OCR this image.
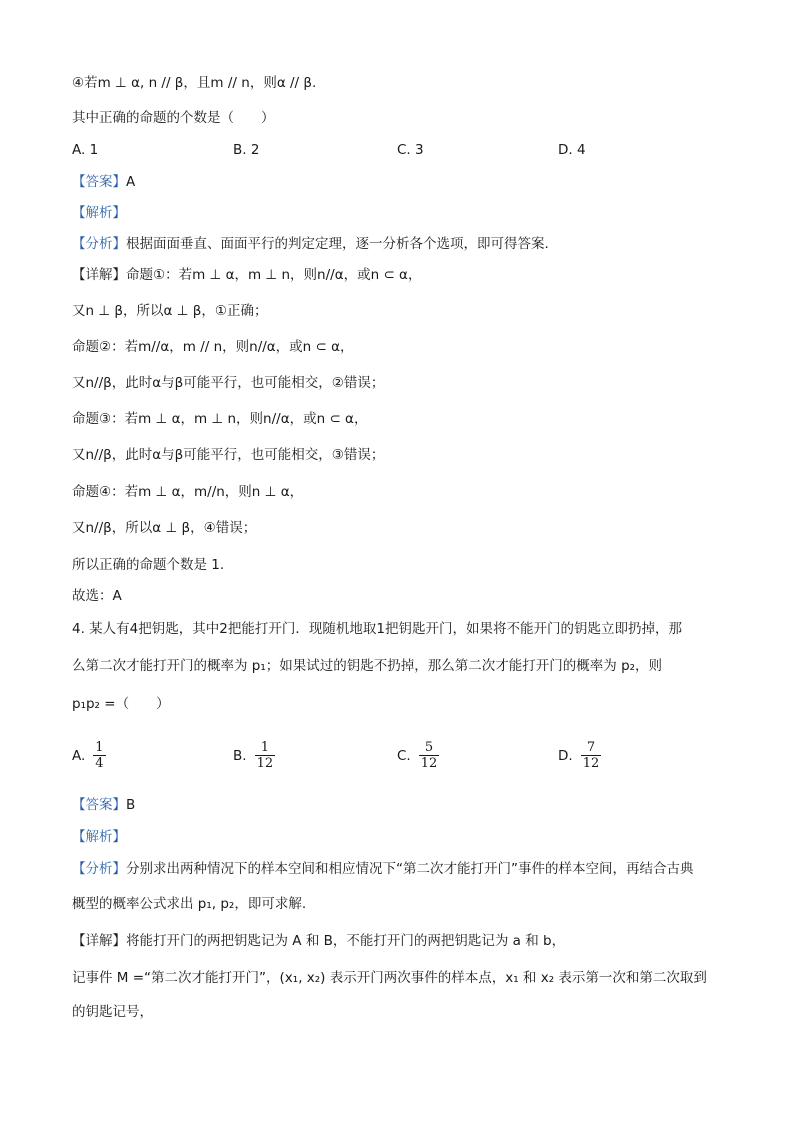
④若m ⊥ α, n // β，且m // n，则α // β.
其中正确的命题的个数是（　　）
A. 1	B. 2	C. 3	D. 4
【答案】A
【解析】
【分析】根据面面垂直、面面平行的判定定理，逐一分析各个选项，即可得答案.
【详解】命题①：若m ⊥ α，m ⊥ n，则n//α，或n ⊂ α，
又n ⊥ β，所以α ⊥ β，①正确；
命题②：若m//α，m // n，则n//α，或n ⊂ α，
又n//β，此时α与β可能平行，也可能相交，②错误；
命题③：若m ⊥ α，m ⊥ n，则n//α，或n ⊂ α，
又n//β，此时α与β可能平行，也可能相交，③错误；
命题④：若m ⊥ α，m//n，则n ⊥ α，
又n//β，所以α ⊥ β，④错误；
所以正确的命题个数是 1.
故选：A
4. 某人有4把钥匙，其中2把能打开门．现随机地取1把钥匙开门，如果将不能开门的钥匙立即扔掉，那
么第二次才能打开门的概率为 p₁；如果试过的钥匙不扔掉，那么第二次才能打开门的概率为 p₂，则
p₁p₂ =（　　）
A. $\frac{1}{4}$	B. $\frac{1}{12}$	C. $\frac{5}{12}$	D. $\frac{7}{12}$
【答案】B
【解析】
【分析】分别求出两种情况下的样本空间和相应情况下“第二次才能打开门”事件的样本空间，再结合古典
概型的概率公式求出 p₁, p₂，即可求解.
【详解】将能打开门的两把钥匙记为 A 和 B，不能打开门的两把钥匙记为 a 和 b，
记事件 M =“第二次才能打开门”，(x₁, x₂) 表示开门两次事件的样本点，x₁ 和 x₂ 表示第一次和第二次取到
的钥匙记号，
